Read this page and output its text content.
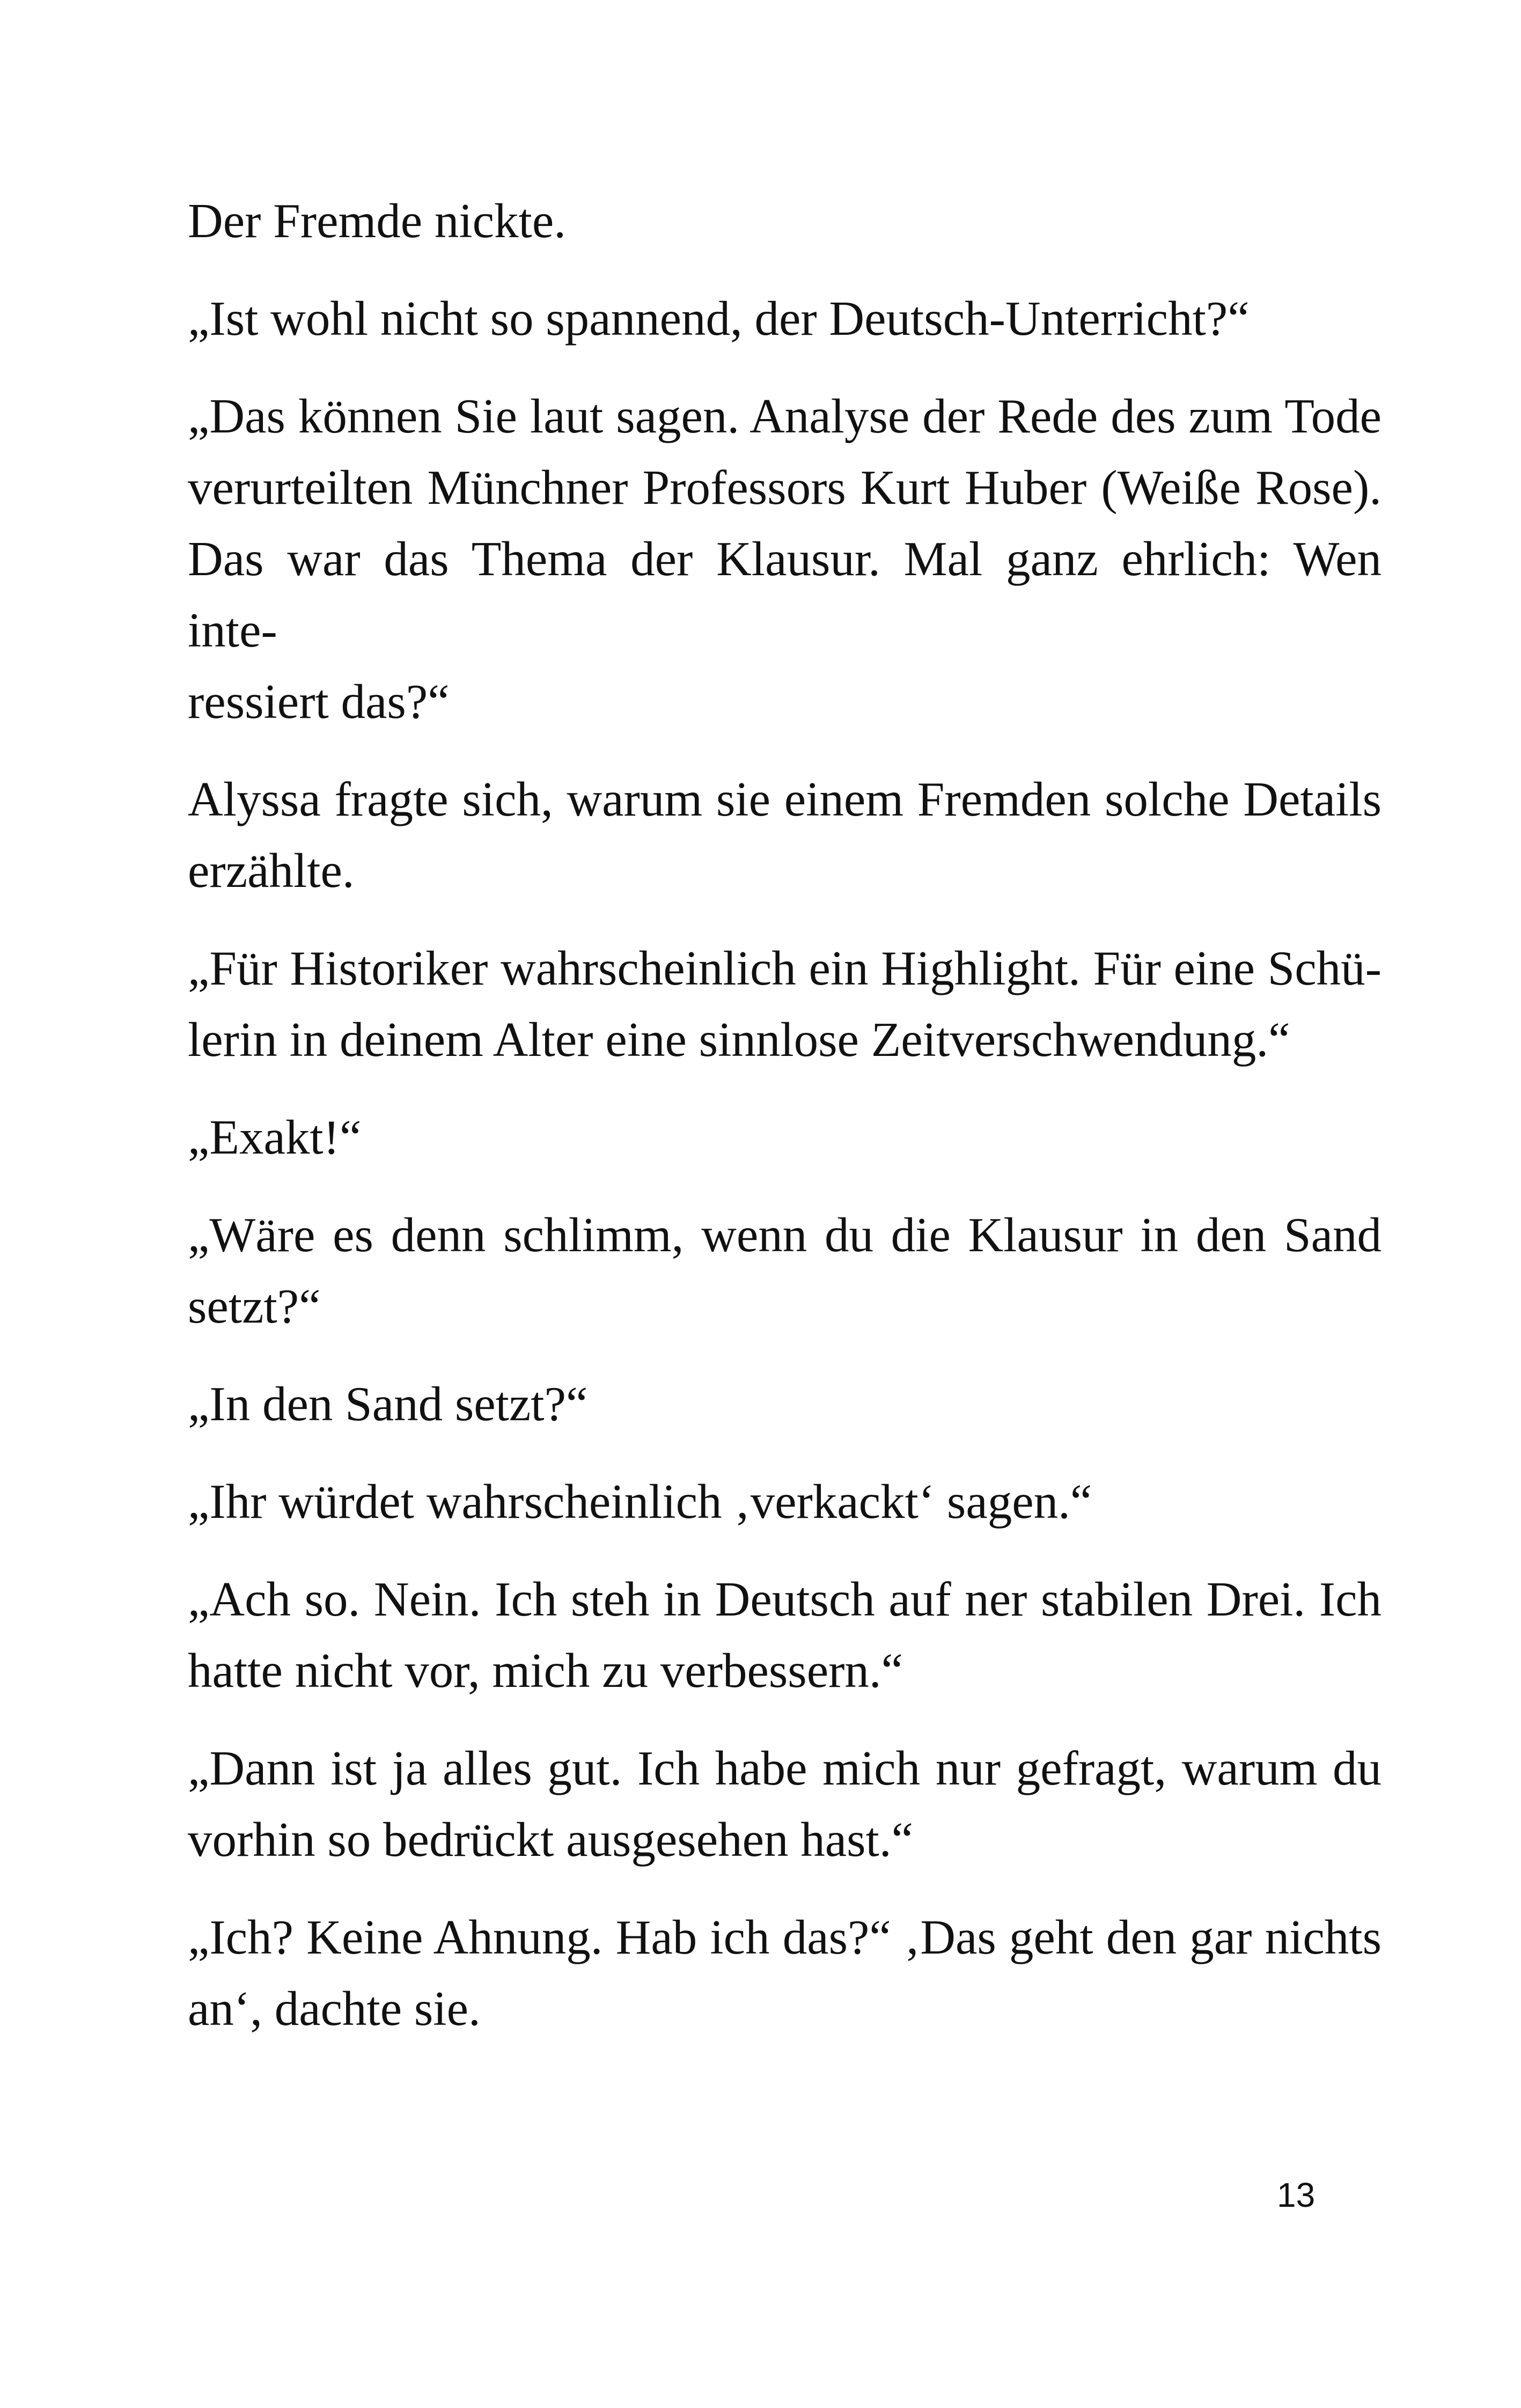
Der Fremde nickte.
„Ist wohl nicht so spannend, der Deutsch-Unterricht?“
„Das können Sie laut sagen. Analyse der Rede des zum Tode
verurteilten Münchner Professors Kurt Huber (Weiße Rose).
Das war das Thema der Klausur. Mal ganz ehrlich: Wen inte-
ressiert das?“
Alyssa fragte sich, warum sie einem Fremden solche Details
erzählte.
„Für Historiker wahrscheinlich ein Highlight. Für eine Schü-
lerin in deinem Alter eine sinnlose Zeitverschwendung.“
„Exakt!“
„Wäre es denn schlimm, wenn du die Klausur in den Sand
setzt?“
„In den Sand setzt?“
„Ihr würdet wahrscheinlich ‚verkackt‘ sagen.“
„Ach so. Nein. Ich steh in Deutsch auf ner stabilen Drei. Ich
hatte nicht vor, mich zu verbessern.“
„Dann ist ja alles gut. Ich habe mich nur gefragt, warum du
vorhin so bedrückt ausgesehen hast.“
„Ich? Keine Ahnung. Hab ich das?“ ‚Das geht den gar nichts
an‘, dachte sie.
13
